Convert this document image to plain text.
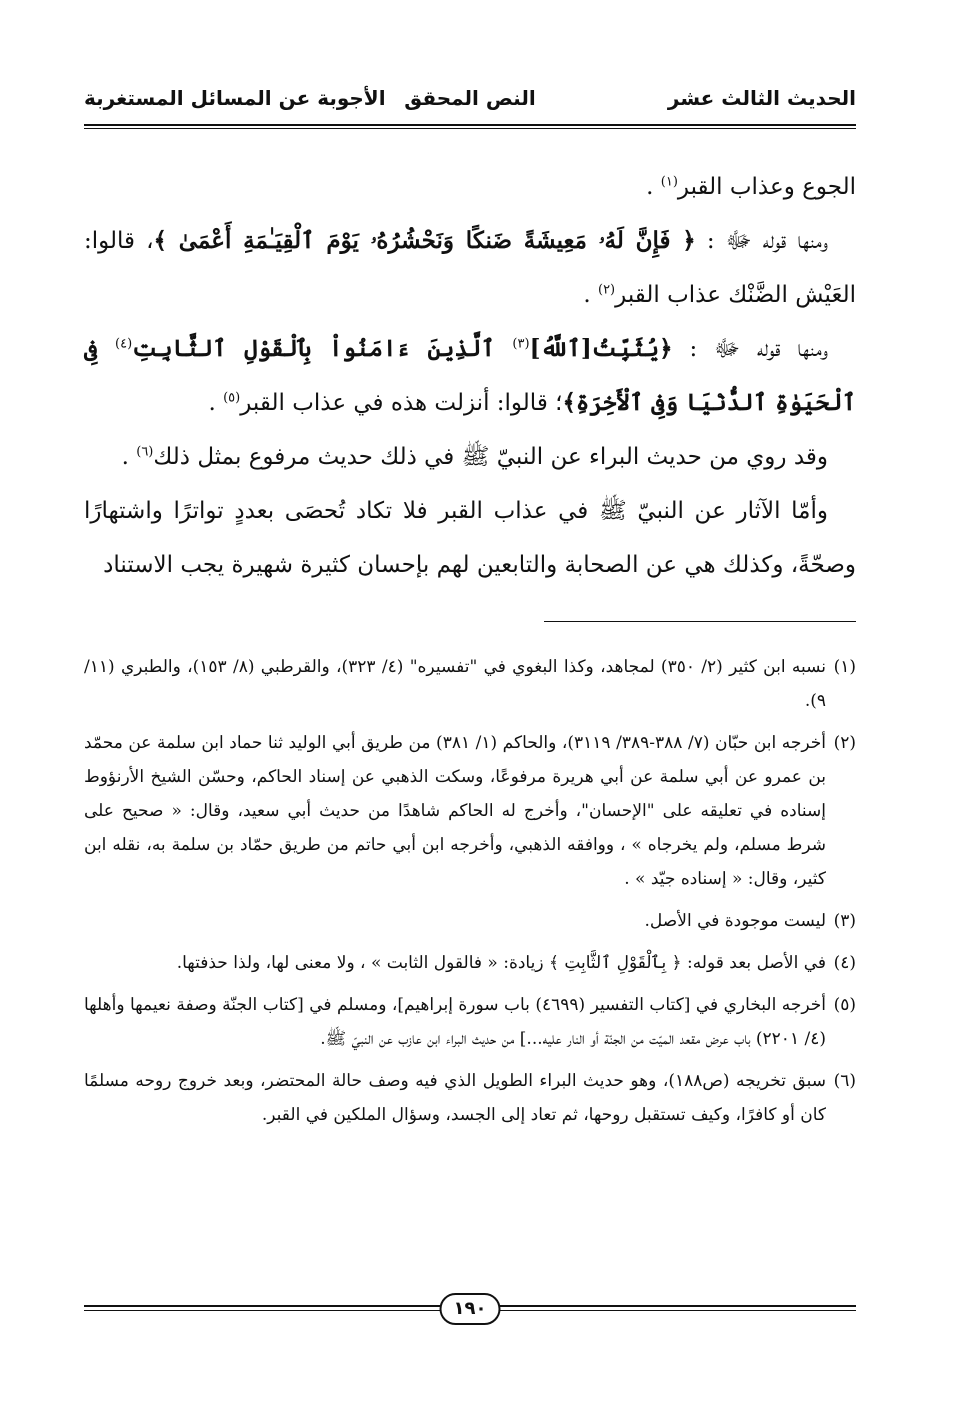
الحديث الثالث عشر
النص المحقق
الأجوبة عن المسائل المستغربة

الجوع وعذاب القبر$^{(١)}$ .

ومنها قوله ﷻ : ﴿ فَإِنَّ لَهُۥ مَعِيشَةً ضَنكًا وَنَحْشُرُهُۥ يَوْمَ ٱلْقِيَـٰمَةِ أَعْمَىٰ ﴾، قالوا: العَيْش الضَّنْك عذاب القبر$^{(٢)}$ .

ومنها قوله ﷻ : ﴿يُثَبِّتُ[ٱللَّهُ]$^{(٣)}$ ٱلَّذِينَ ءَامَنُواْ بِٱلْقَوْلِ ٱلثَّابِتِ$^{(٤)}$ فِى ٱلْحَيَوٰةِ ٱلدُّنْيَا وَفِى ٱلْأَخِرَةِ﴾؛ قالوا: أنزلت هذه في عذاب القبر$^{(٥)}$ .

وقد روي من حديث البراء عن النبيّ ﷺ في ذلك حديث مرفوع بمثل ذلك$^{(٦)}$ .

وأمّا الآثار عن النبيّ ﷺ في عذاب القبر فلا تكاد تُحصَى بعددٍ تواترًا واشتهارًا وصحّةً، وكذلك هي عن الصحابة والتابعين لهم بإحسان كثيرة شهيرة يجب الاستناد

(١)نسبه ابن كثير (٢/ ٣٥٠) لمجاهد، وكذا البغوي في "تفسيره" (٤/ ٣٢٣)، والقرطبي (٨/ ١٥٣)، والطبري (١١/ ٩).

(٢)أخرجه ابن حبّان (٧/ ٣٨٨-٣٨٩/ ٣١١٩)، والحاكم (١/ ٣٨١) من طريق أبي الوليد ثنا حماد ابن سلمة عن محمّد بن عمرو عن أبي سلمة عن أبي هريرة مرفوعًا، وسكت الذهبي عن إسناد الحاكم، وحسّن الشيخ الأرنؤوط إسناده في تعليقه على "الإحسان"، وأخرج له الحاكم شاهدًا من حديث أبي سعيد، وقال: « صحيح على شرط مسلم، ولم يخرجاه » ، ووافقه الذهبي، وأخرجه ابن أبي حاتم من طريق حمّاد بن سلمة به، نقله ابن كثير، وقال: « إسناده جيّد » .

(٣)ليست موجودة في الأصل.

(٤)في الأصل بعد قوله: ﴿ بِٱلْقَوْلِ ٱلثَّابِتِ ﴾ زيادة: « فالقول الثابت » ، ولا معنى لها، ولذا حذفتها.

(٥)أخرجه البخاري في [كتاب التفسير (٤٦٩٩) باب سورة إبراهيم]، ومسلم في [كتاب الجنّة وصفة نعيمها وأهلها (٤/ ٢٢٠١) باب عرض مقعد الميّت من الجنّة أو النار عليه...] من حديث البراء ابن عازب عن النبيّ ﷺ.

(٦)سبق تخريجه (ص١٨٨)، وهو حديث البراء الطويل الذي فيه وصف حالة المحتضر، وبعد خروج روحه مسلمًا كان أو كافرًا، وكيف تستقبل روحها، ثم تعاد إلى الجسد، وسؤال الملكين في القبر.

١٩٠
